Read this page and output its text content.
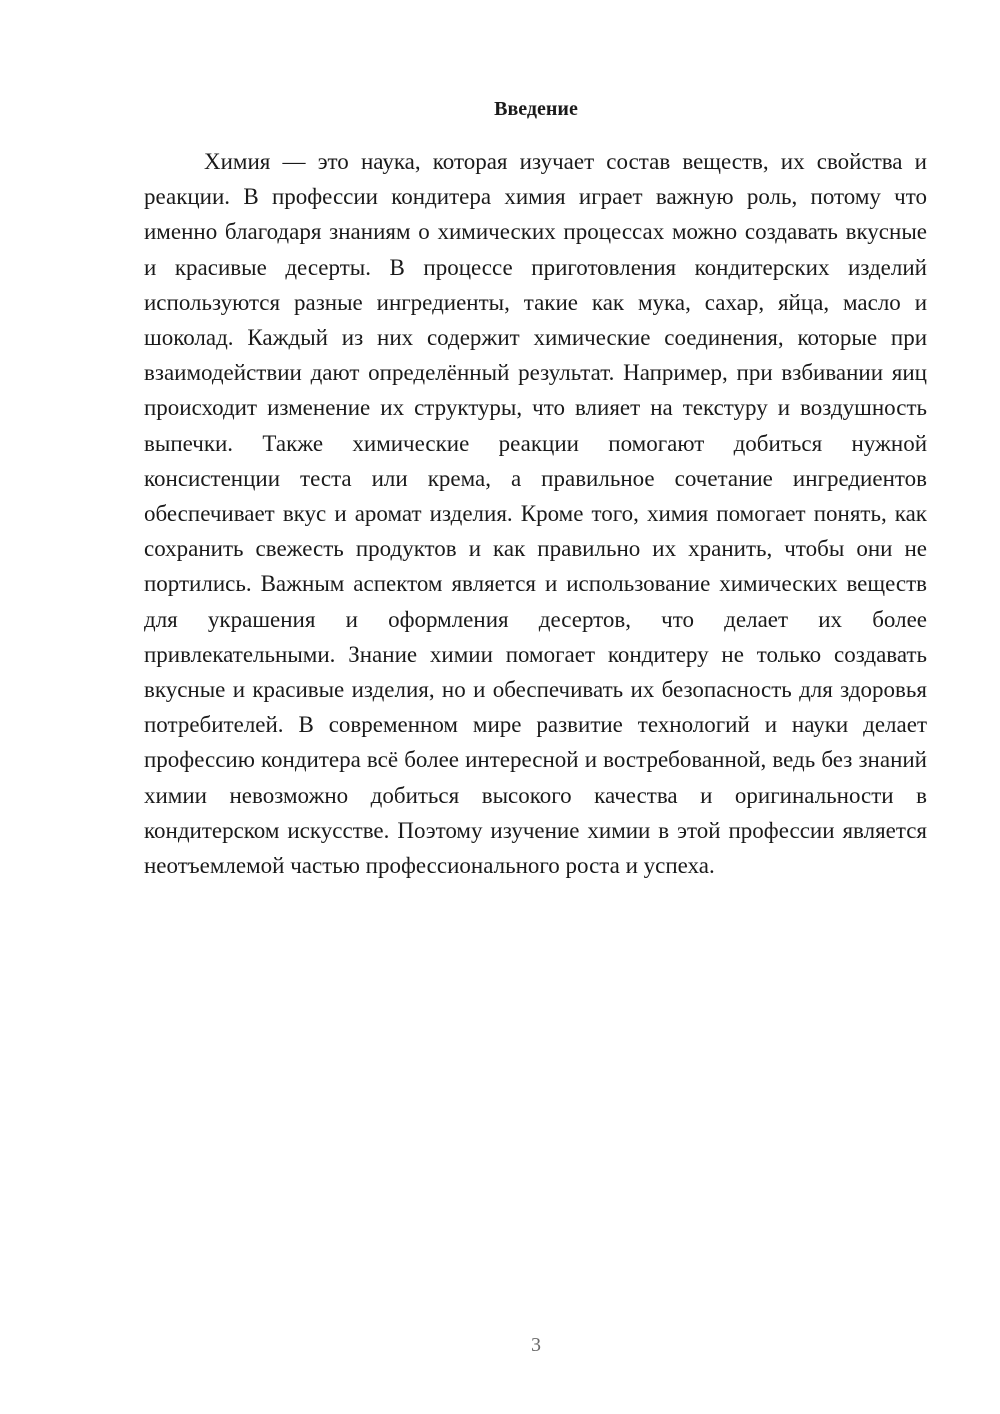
Введение

Химия — это наука, которая изучает состав веществ, их свойства и реакции. В профессии кондитера химия играет важную роль, потому что именно благодаря знаниям о химических процессах можно создавать вкусные и красивые десерты. В процессе приготовления кондитерских изделий используются разные ингредиенты, такие как мука, сахар, яйца, масло и шоколад. Каждый из них содержит химические соединения, которые при взаимодействии дают определённый результат. Например, при взбивании яиц происходит изменение их структуры, что влияет на текстуру и воздушность выпечки. Также химические реакции помогают добиться нужной консистенции теста или крема, а правильное сочетание ингредиентов обеспечивает вкус и аромат изделия. Кроме того, химия помогает понять, как сохранить свежесть продуктов и как правильно их хранить, чтобы они не портились. Важным аспектом является и использование химических веществ для украшения и оформления десертов, что делает их более привлекательными. Знание химии помогает кондитеру не только создавать вкусные и красивые изделия, но и обеспечивать их безопасность для здоровья потребителей. В современном мире развитие технологий и науки делает профессию кондитера всё более интересной и востребованной, ведь без знаний химии невозможно добиться высокого качества и оригинальности в кондитерском искусстве. Поэтому изучение химии в этой профессии является неотъемлемой частью профессионального роста и успеха.

3
